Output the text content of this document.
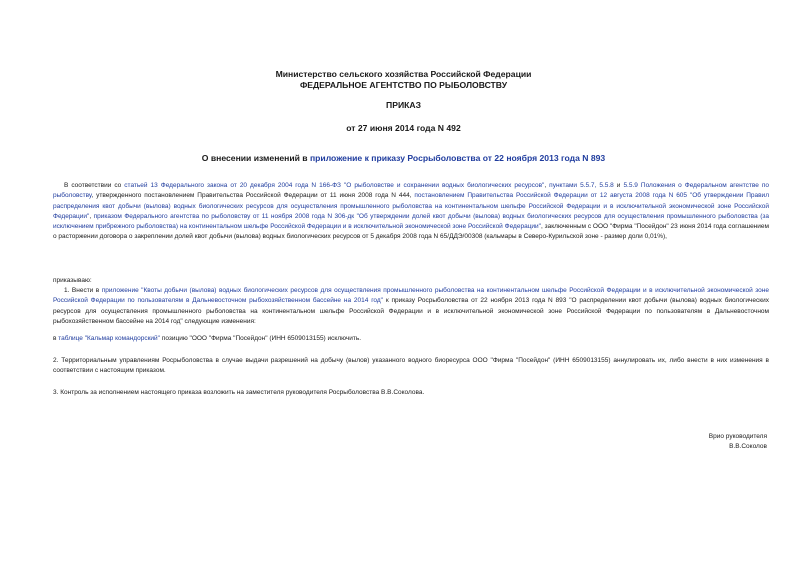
Министерство сельского хозяйства Российской Федерации
ФЕДЕРАЛЬНОЕ АГЕНТСТВО ПО РЫБОЛОВСТВУ
ПРИКАЗ
от 27 июня 2014 года N 492
О внесении изменений в приложение к приказу Росрыболовства от 22 ноября 2013 года N 893
В соответствии со статьей 13 Федерального закона от 20 декабря 2004 года N 166-ФЗ "О рыболовстве и сохранении водных биологических ресурсов", пунктами 5.5.7, 5.5.8 и 5.5.9 Положения о Федеральном агентстве по рыболовству, утвержденного постановлением Правительства Российской Федерации от 11 июня 2008 года N 444, постановлением Правительства Российской Федерации от 12 августа 2008 года N 605 "Об утверждении Правил распределения квот добычи (вылова) водных биологических ресурсов для осуществления промышленного рыболовства на континентальном шельфе Российской Федерации и в исключительной экономической зоне Российской Федерации", приказом Федерального агентства по рыболовству от 11 ноября 2008 года N 306-дк "Об утверждении долей квот добычи (вылова) водных биологических ресурсов для осуществления промышленного рыболовства (за исключением прибрежного рыболовства) на континентальном шельфе Российской Федерации и в исключительной экономической зоне Российской Федерации", заключенным с ООО "Фирма "Посейдон" 23 июня 2014 года соглашением о расторжении договора о закреплении долей квот добычи (вылова) водных биологических ресурсов от 5 декабря 2008 года N 65/ДДЭ/00308 (кальмары в Северо-Курильской зоне - размер доли 0,01%),
приказываю:
1. Внести в приложение "Квоты добычи (вылова) водных биологических ресурсов для осуществления промышленного рыболовства на континентальном шельфе Российской Федерации и в исключительной экономической зоне Российской Федерации по пользователям в Дальневосточном рыбохозяйственном бассейне на 2014 год" к приказу Росрыболовства от 22 ноября 2013 года N 893 "О распределении квот добычи (вылова) водных биологических ресурсов для осуществления промышленного рыболовства на континентальном шельфе Российской Федерации и в исключительной экономической зоне Российской Федерации по пользователям в Дальневосточном рыбохозяйственном бассейне на 2014 год" следующие изменения:
в таблице "Кальмар командорский" позицию "ООО "Фирма "Посейдон" (ИНН 6509013155) исключить.
2. Территориальным управлениям Росрыболовства в случае выдачи разрешений на добычу (вылов) указанного водного биоресурса ООО "Фирма "Посейдон" (ИНН 6509013155) аннулировать их, либо внести в них изменения в соответствии с настоящим приказом.
3. Контроль за исполнением настоящего приказа возложить на заместителя руководителя Росрыболовства В.В.Соколова.
Врио руководителя
В.В.Соколов
